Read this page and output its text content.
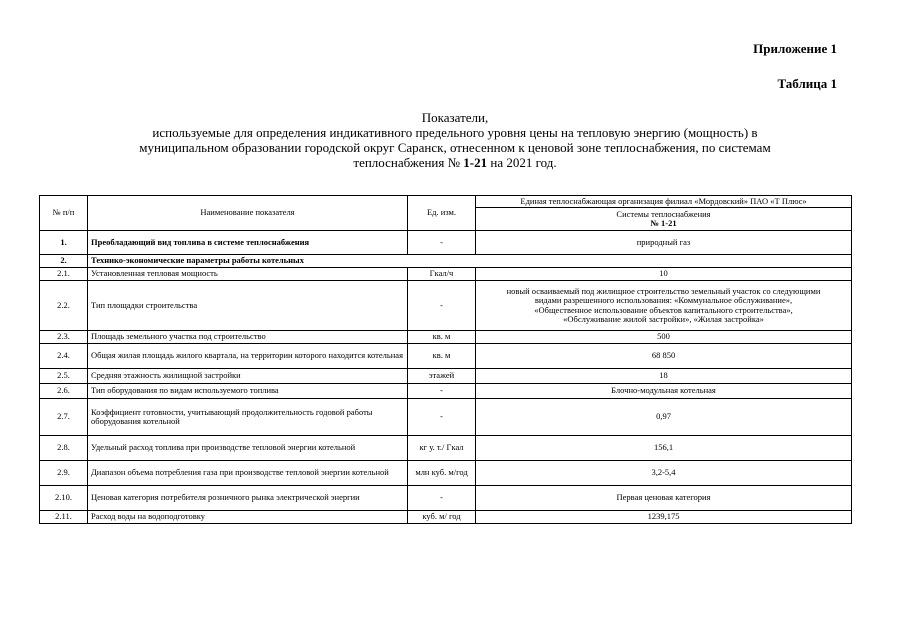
Приложение 1
Таблица 1
Показатели,
используемые для определения индикативного предельного уровня цены на тепловую энергию (мощность) в
муниципальном образовании городской округ Саранск, отнесенном к ценовой зоне теплоснабжения, по системам
теплоснабжения № 1-21 на 2021 год.
№ п/п	Наименование показателя	Ед. изм.	Единая теплоснабжающая организация филиал «Мордовский» ПАО «Т Плюс»
			Системы теплоснабжения
№ 1-21
1.	Преобладающий вид топлива в системе теплоснабжения	-	природный газ
2.	Технико-экономические параметры работы котельных		
2.1.	Установленная тепловая мощность	Гкал/ч	10
2.2.	Тип площадки строительства	-	новый осваиваемый под жилищное строительство земельный участок со следующими
видами разрешенного использования: «Коммунальное обслуживание»,
«Общественное использование объектов капитального строительства»,
«Обслуживание жилой застройки», «Жилая застройка»
2.3.	Площадь земельного участка под строительство	кв. м	500
2.4.	Общая жилая площадь жилого квартала, на территории которого находится котельная	кв. м	68 850
2.5.	Средняя этажность жилищной застройки	этажей	18
2.6.	Тип оборудования по видам используемого топлива	-	Блочно-модульная котельная
2.7.	Коэффициент готовности, учитывающий продолжительность годовой работы оборудования котельной	-	0,97
2.8.	Удельный расход топлива при производстве тепловой энергии котельной	кг у. т./ Гкал	156,1
2.9.	Диапазон объема потребления газа при производстве тепловой энергии котельной	млн куб. м/год	3,2-5,4
2.10.	Ценовая категория потребителя розничного рынка электрической энергии	-	Первая ценовая категория
2.11.	Расход воды на водоподготовку	куб. м/ год	1239,175
